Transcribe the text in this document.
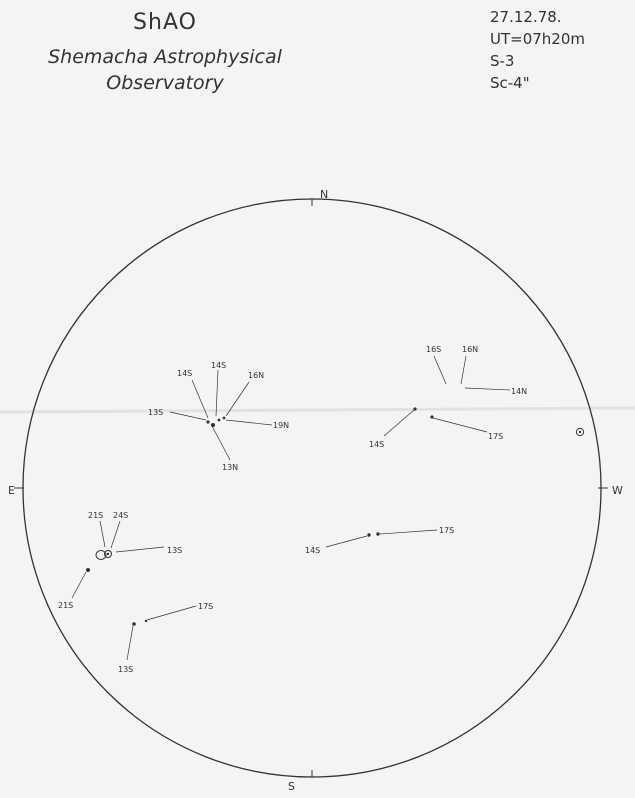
ShAO
Shemacha Astrophysical
Observatory
27.12.78.
UT=07h20m
S-3
Sc-4"
N
S
E	W
14S
14S
16N
13S
19N
13N
16S	16N
14N
14S
17S
21S 24S
13S
21S	17S
13S
14S
17S
